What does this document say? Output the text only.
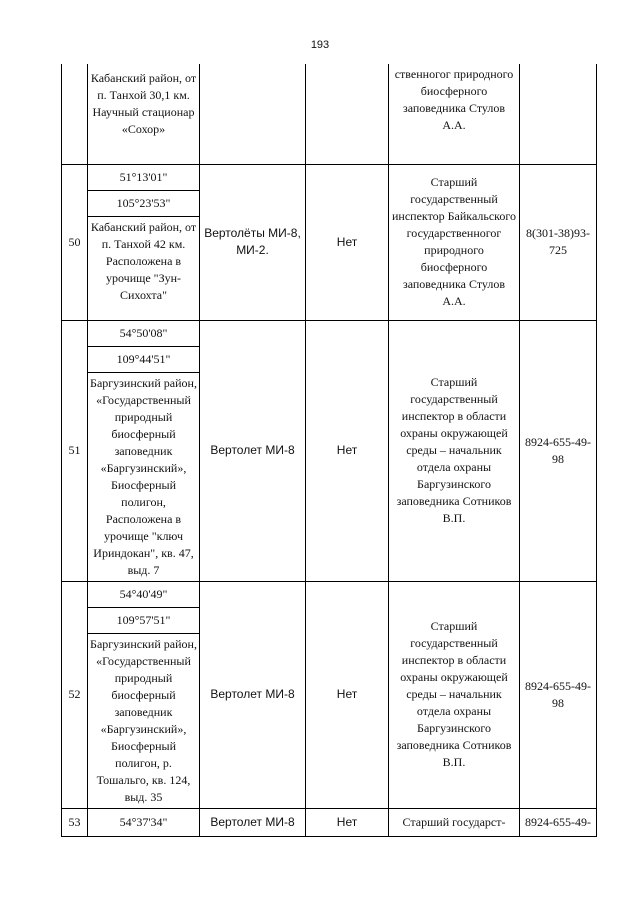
193

	Кабанский район, от п. Танхой 30,1 км. Научный стационар «Сохор»			ственногог природного биосферного заповедника Стулов А.А.	
50	51°13'01"
105°23'53"
Кабанский район, от п. Танхой 42 км. Расположена в урочище "Зун-Сихохта"	Вертолёты МИ-8, МИ-2.	Нет	Старший государственный инспектор Байкальского государственногог природного биосферного заповедника Стулов А.А.	8(301-38)93-725
51	54°50'08"
109°44'51"
Баргузинский район, «Государственный природный биосферный заповедник «Баргузинский», Биосферный полигон, Расположена в урочище "ключ Ириндокан", кв. 47, выд. 7	Вертолет МИ-8	Нет	Старший государственный инспектор в области охраны окружающей среды – начальник отдела охраны Баргузинского заповедника Сотников В.П.	8924-655-49-98
52	54°40'49"
109°57'51"
Баргузинский район, «Государственный природный биосферный заповедник «Баргузинский», Биосферный полигон, р. Тошальго, кв. 124, выд. 35	Вертолет МИ-8	Нет	Старший государственный инспектор в области охраны окружающей среды – начальник отдела охраны Баргузинского заповедника Сотников В.П.	8924-655-49-98
53	54°37'34"	Вертолет МИ-8	Нет	Старший государст-	8924-655-49-
